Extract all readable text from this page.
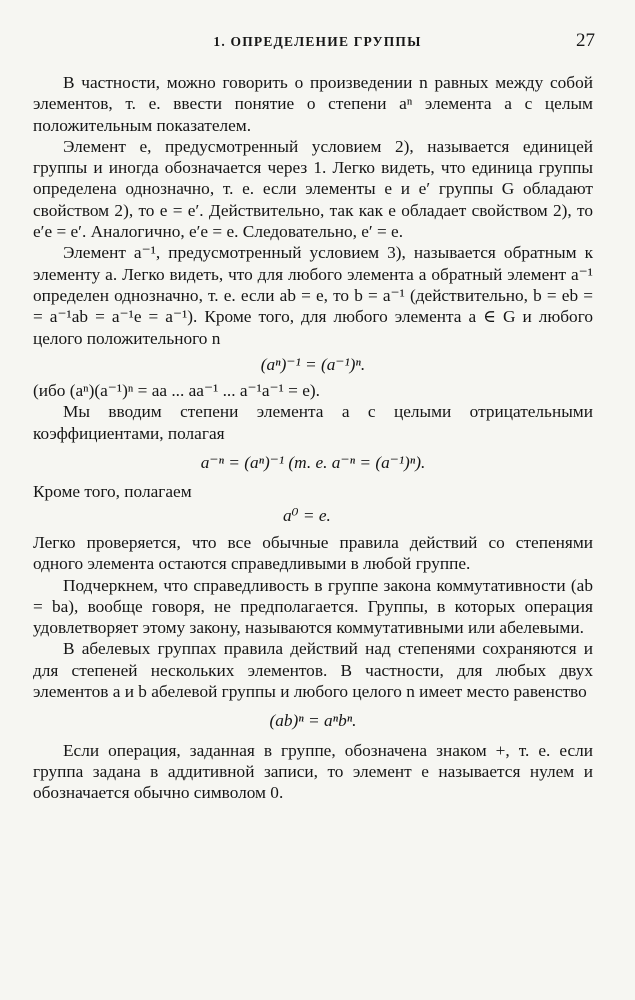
1. ОПРЕДЕЛЕНИЕ ГРУППЫ	27

В частности, можно говорить о произведении n равных между собой элементов, т. е. ввести понятие о степени aⁿ элемента a с целым положительным показателем.

Элемент e, предусмотренный условием 2), называется единицей группы и иногда обозначается через 1. Легко видеть, что единица группы определена однозначно, т. е. если элементы e и e′ группы G обладают свойством 2), то e = e′. Действительно, так как e обладает свойством 2), то e′e = e′. Аналогично, e′e = e. Следовательно, e′ = e.

Элемент a⁻¹, предусмотренный условием 3), называется обратным к элементу a. Легко видеть, что для любого элемента a обратный элемент a⁻¹ определен однозначно, т. е. если ab = e, то b = a⁻¹ (действительно, b = eb = = a⁻¹ab = a⁻¹e = a⁻¹). Кроме того, для любого элемента a ∈ G и любого целого положительного n

(aⁿ)⁻¹ = (a⁻¹)ⁿ.

(ибо (aⁿ)(a⁻¹)ⁿ = aa ... aa⁻¹ ... a⁻¹a⁻¹ = e).

Мы вводим степени элемента a с целыми отрицательными коэффициентами, полагая

a⁻ⁿ = (aⁿ)⁻¹ (т. е. a⁻ⁿ = (a⁻¹)ⁿ).

Кроме того, полагаем

a⁰ = e.

Легко проверяется, что все обычные правила действий со степенями одного элемента остаются справедливыми в любой группе.

Подчеркнем, что справедливость в группе закона коммутативности (ab = ba), вообще говоря, не предполагается. Группы, в которых операция удовлетворяет этому закону, называются коммутативными или абелевыми.

В абелевых группах правила действий над степенями сохраняются и для степеней нескольких элементов. В частности, для любых двух элементов a и b абелевой группы и любого целого n имеет место равенство

(ab)ⁿ = aⁿbⁿ.

Если операция, заданная в группе, обозначена знаком +, т. е. если группа задана в аддитивной записи, то элемент e называется нулем и обозначается обычно символом 0.
